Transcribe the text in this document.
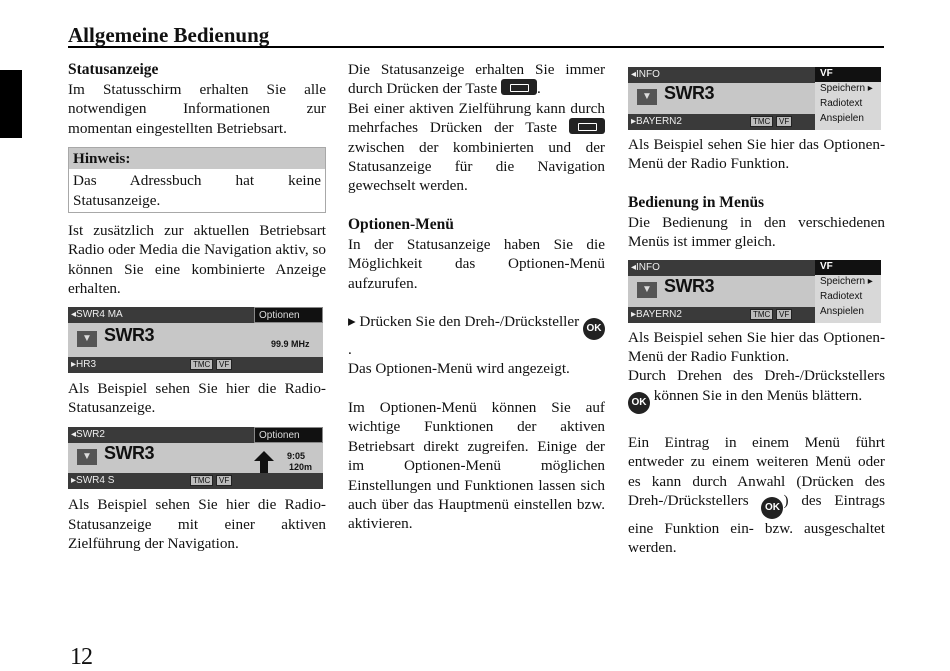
Allgemeine Bedienung
Statusanzeige

Im Statusschirm erhalten Sie alle notwendigen Informationen zur momentan eingestellten Betriebsart.

Hinweis:
Das Adressbuch hat keine Statusanzeige.

Ist zusätzlich zur aktuellen Betriebsart Radio oder Media die Navigation aktiv, so können Sie eine kombinierte Anzeige erhalten.

◂SWR4 MA	Optionen
▼ SWR3	99.9 MHz
▸HR3	TMC	VF

Als Beispiel sehen Sie hier die Radio-Statusanzeige.

◂SWR2	Optionen
▼ SWR3	9:05
120m
▸SWR4 S	TMC	VF

Als Beispiel sehen Sie hier die Radio-Statusanzeige mit einer aktiven Zielführung der Navigation.

Die Statusanzeige erhalten Sie immer durch Drücken der Taste	.

Bei einer aktiven Zielführung kann durch mehrfaches Drücken der Taste  zwischen der kombinierten und der Statusanzeige für die Navigation gewechselt werden.

Optionen-Menü

In der Statusanzeige haben Sie die Möglichkeit das Optionen-Menü aufzurufen.

▸ Drücken Sie den Dreh-/Drücksteller OK.

Das Optionen-Menü wird angezeigt.

Im Optionen-Menü können Sie auf wichtige Funktionen der aktiven Betriebsart direkt zugreifen. Einige der im Optionen-Menü möglichen Einstellungen und Funktionen lassen sich auch über das Hauptmenü einstellen bzw. aktivieren.

◂INFO
▼ SWR3
▸BAYERN2	TMC	VF
VF
Speichern ▸
Radiotext
Anspielen

Als Beispiel sehen Sie hier das Optionen-Menü der Radio Funktion.

Bedienung in Menüs

Die Bedienung in den verschiedenen Menüs ist immer gleich.

◂INFO
▼ SWR3
▸BAYERN2	TMC	VF
VF
Speichern ▸
Radiotext
Anspielen

Als Beispiel sehen Sie hier das Optionen-Menü der Radio Funktion.

Durch Drehen des Dreh-/Drückstellers OK können Sie in den Menüs blättern.

Ein Eintrag in einem Menü führt entweder zu einem weiteren Menü oder es kann durch Anwahl (Drücken des Dreh-/Drückstellers OK ) des Eintrags eine Funktion ein- bzw. ausgeschaltet werden.

12
